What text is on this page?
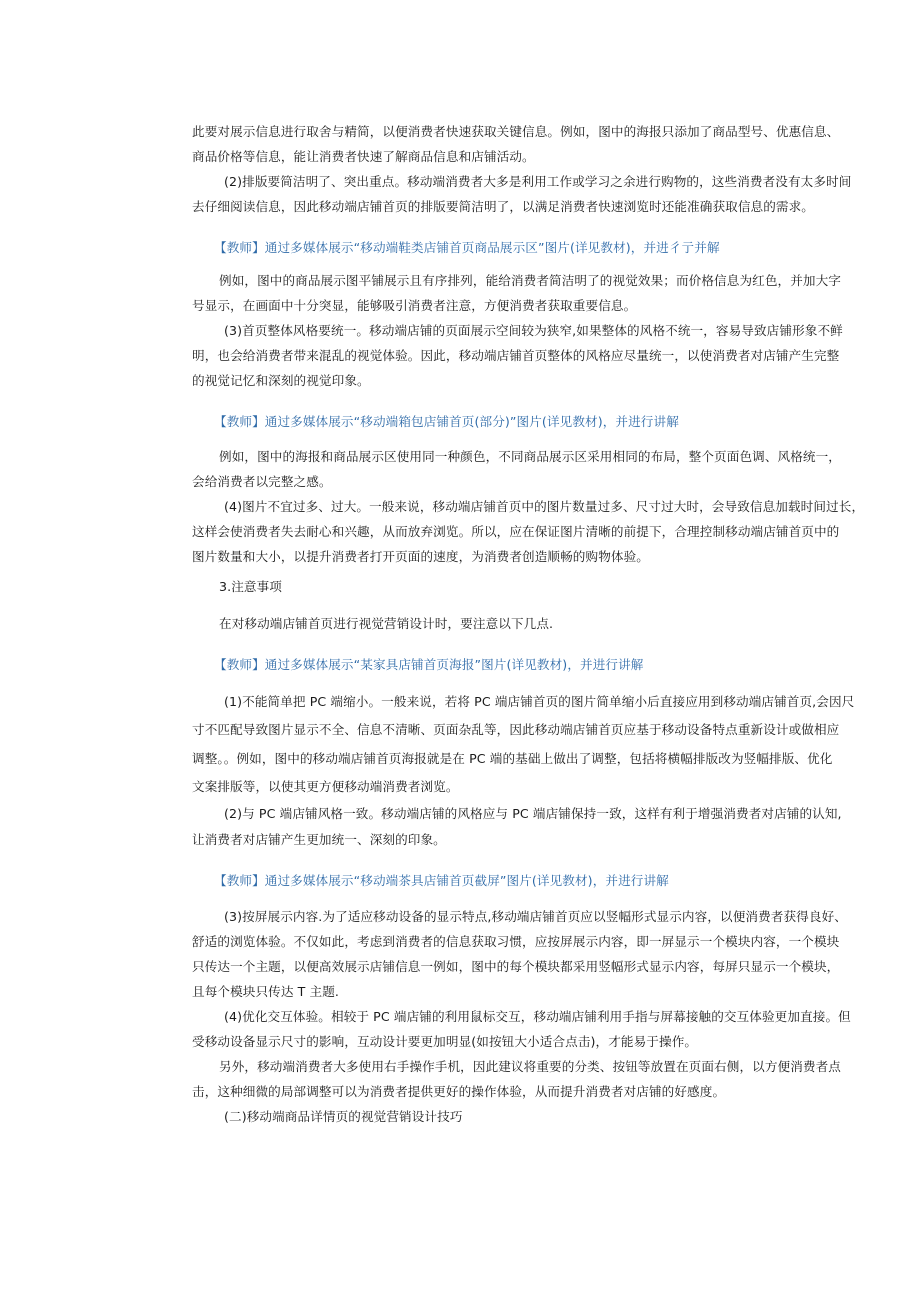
此要对展示信息进行取舍与精简，以便消费者快速获取关键信息。例如，图中的海报只添加了商品型号、优惠信息、
商品价格等信息，能让消费者快速了解商品信息和店铺活动。
(2)排版要简洁明了、突出重点。移动端消费者大多是利用工作或学习之余进行购物的，这些消费者没有太多时间
去仔细阅读信息，因此移动端店铺首页的排版要简洁明了，以满足消费者快速浏览时还能准确获取信息的需求。
【教师】通过多媒体展示“移动端鞋类店铺首页商品展示区”图片(详见教材)，并进彳亍并解
例如，图中的商品展示图平铺展示且有序排列，能给消费者简洁明了的视觉效果；而价格信息为红色，并加大字
号显示，在画面中十分突显，能够吸引消费者注意，方便消费者获取重要信息。
(3)首页整体风格要统一。移动端店铺的页面展示空间较为狭窄,如果整体的风格不统一，容易导致店铺形象不鲜
明，也会给消费者带来混乱的视觉体验。因此，移动端店铺首页整体的风格应尽量统一，以使消费者对店铺产生完整
的视觉记忆和深刻的视觉印象。
【教师】通过多媒体展示“移动端箱包店铺首页(部分)”图片(详见教材)，并进行讲解
例如，图中的海报和商品展示区使用同一种颜色，不同商品展示区采用相同的布局，整个页面色调、风格统一，
会给消费者以完整之感。
(4)图片不宜过多、过大。一般来说，移动端店铺首页中的图片数量过多、尺寸过大时，会导致信息加载时间过长，
这样会使消费者失去耐心和兴趣，从而放弃浏览。所以，应在保证图片清晰的前提下，合理控制移动端店铺首页中的
图片数量和大小，以提升消费者打开页面的速度，为消费者创造顺畅的购物体验。
3.注意事项
在对移动端店铺首页进行视觉营销设计时，要注意以下几点.
【教师】通过多媒体展示“某家具店铺首页海报”图片(详见教材)，并进行讲解
(1)不能简单把 PC 端缩小。一般来说，若将 PC 端店铺首页的图片简单缩小后直接应用到移动端店铺首页,会因尺
寸不匹配导致图片显示不全、信息不清晰、页面杂乱等，因此移动端店铺首页应基于移动设备特点重新设计或做相应
调整。。例如，图中的移动端店铺首页海报就是在 PC 端的基础上做出了调整，包括将横幅排版改为竖幅排版、优化
文案排版等，以使其更方便移动端消费者浏览。
(2)与 PC 端店铺风格一致。移动端店铺的风格应与 PC 端店铺保持一致，这样有利于增强消费者对店铺的认知,
让消费者对店铺产生更加统一、深刻的印象。
【教师】通过多媒体展示“移动端茶具店铺首页截屏”图片(详见教材)，并进行讲解
(3)按屏展示内容.为了适应移动设备的显示特点,移动端店铺首页应以竖幅形式显示内容，以便消费者获得良好、
舒适的浏览体验。不仅如此，考虑到消费者的信息获取习惯，应按屏展示内容，即一屏显示一个模块内容，一个模块
只传达一个主题，以便高效展示店铺信息一例如，图中的每个模块都采用竖幅形式显示内容，每屏只显示一个模块，
且每个模块只传达 T 主题.
(4)优化交互体验。相较于 PC 端店铺的利用鼠标交互，移动端店铺利用手指与屏幕接触的交互体验更加直接。但
受移动设备显示尺寸的影响，互动设计要更加明显(如按钮大小适合点击)，才能易于操作。
另外，移动端消费者大多使用右手操作手机，因此建议将重要的分类、按钮等放置在页面右侧，以方便消费者点
击，这种细微的局部调整可以为消费者提供更好的操作体验，从而提升消费者对店铺的好感度。
(二)移动端商品详情页的视觉营销设计技巧
